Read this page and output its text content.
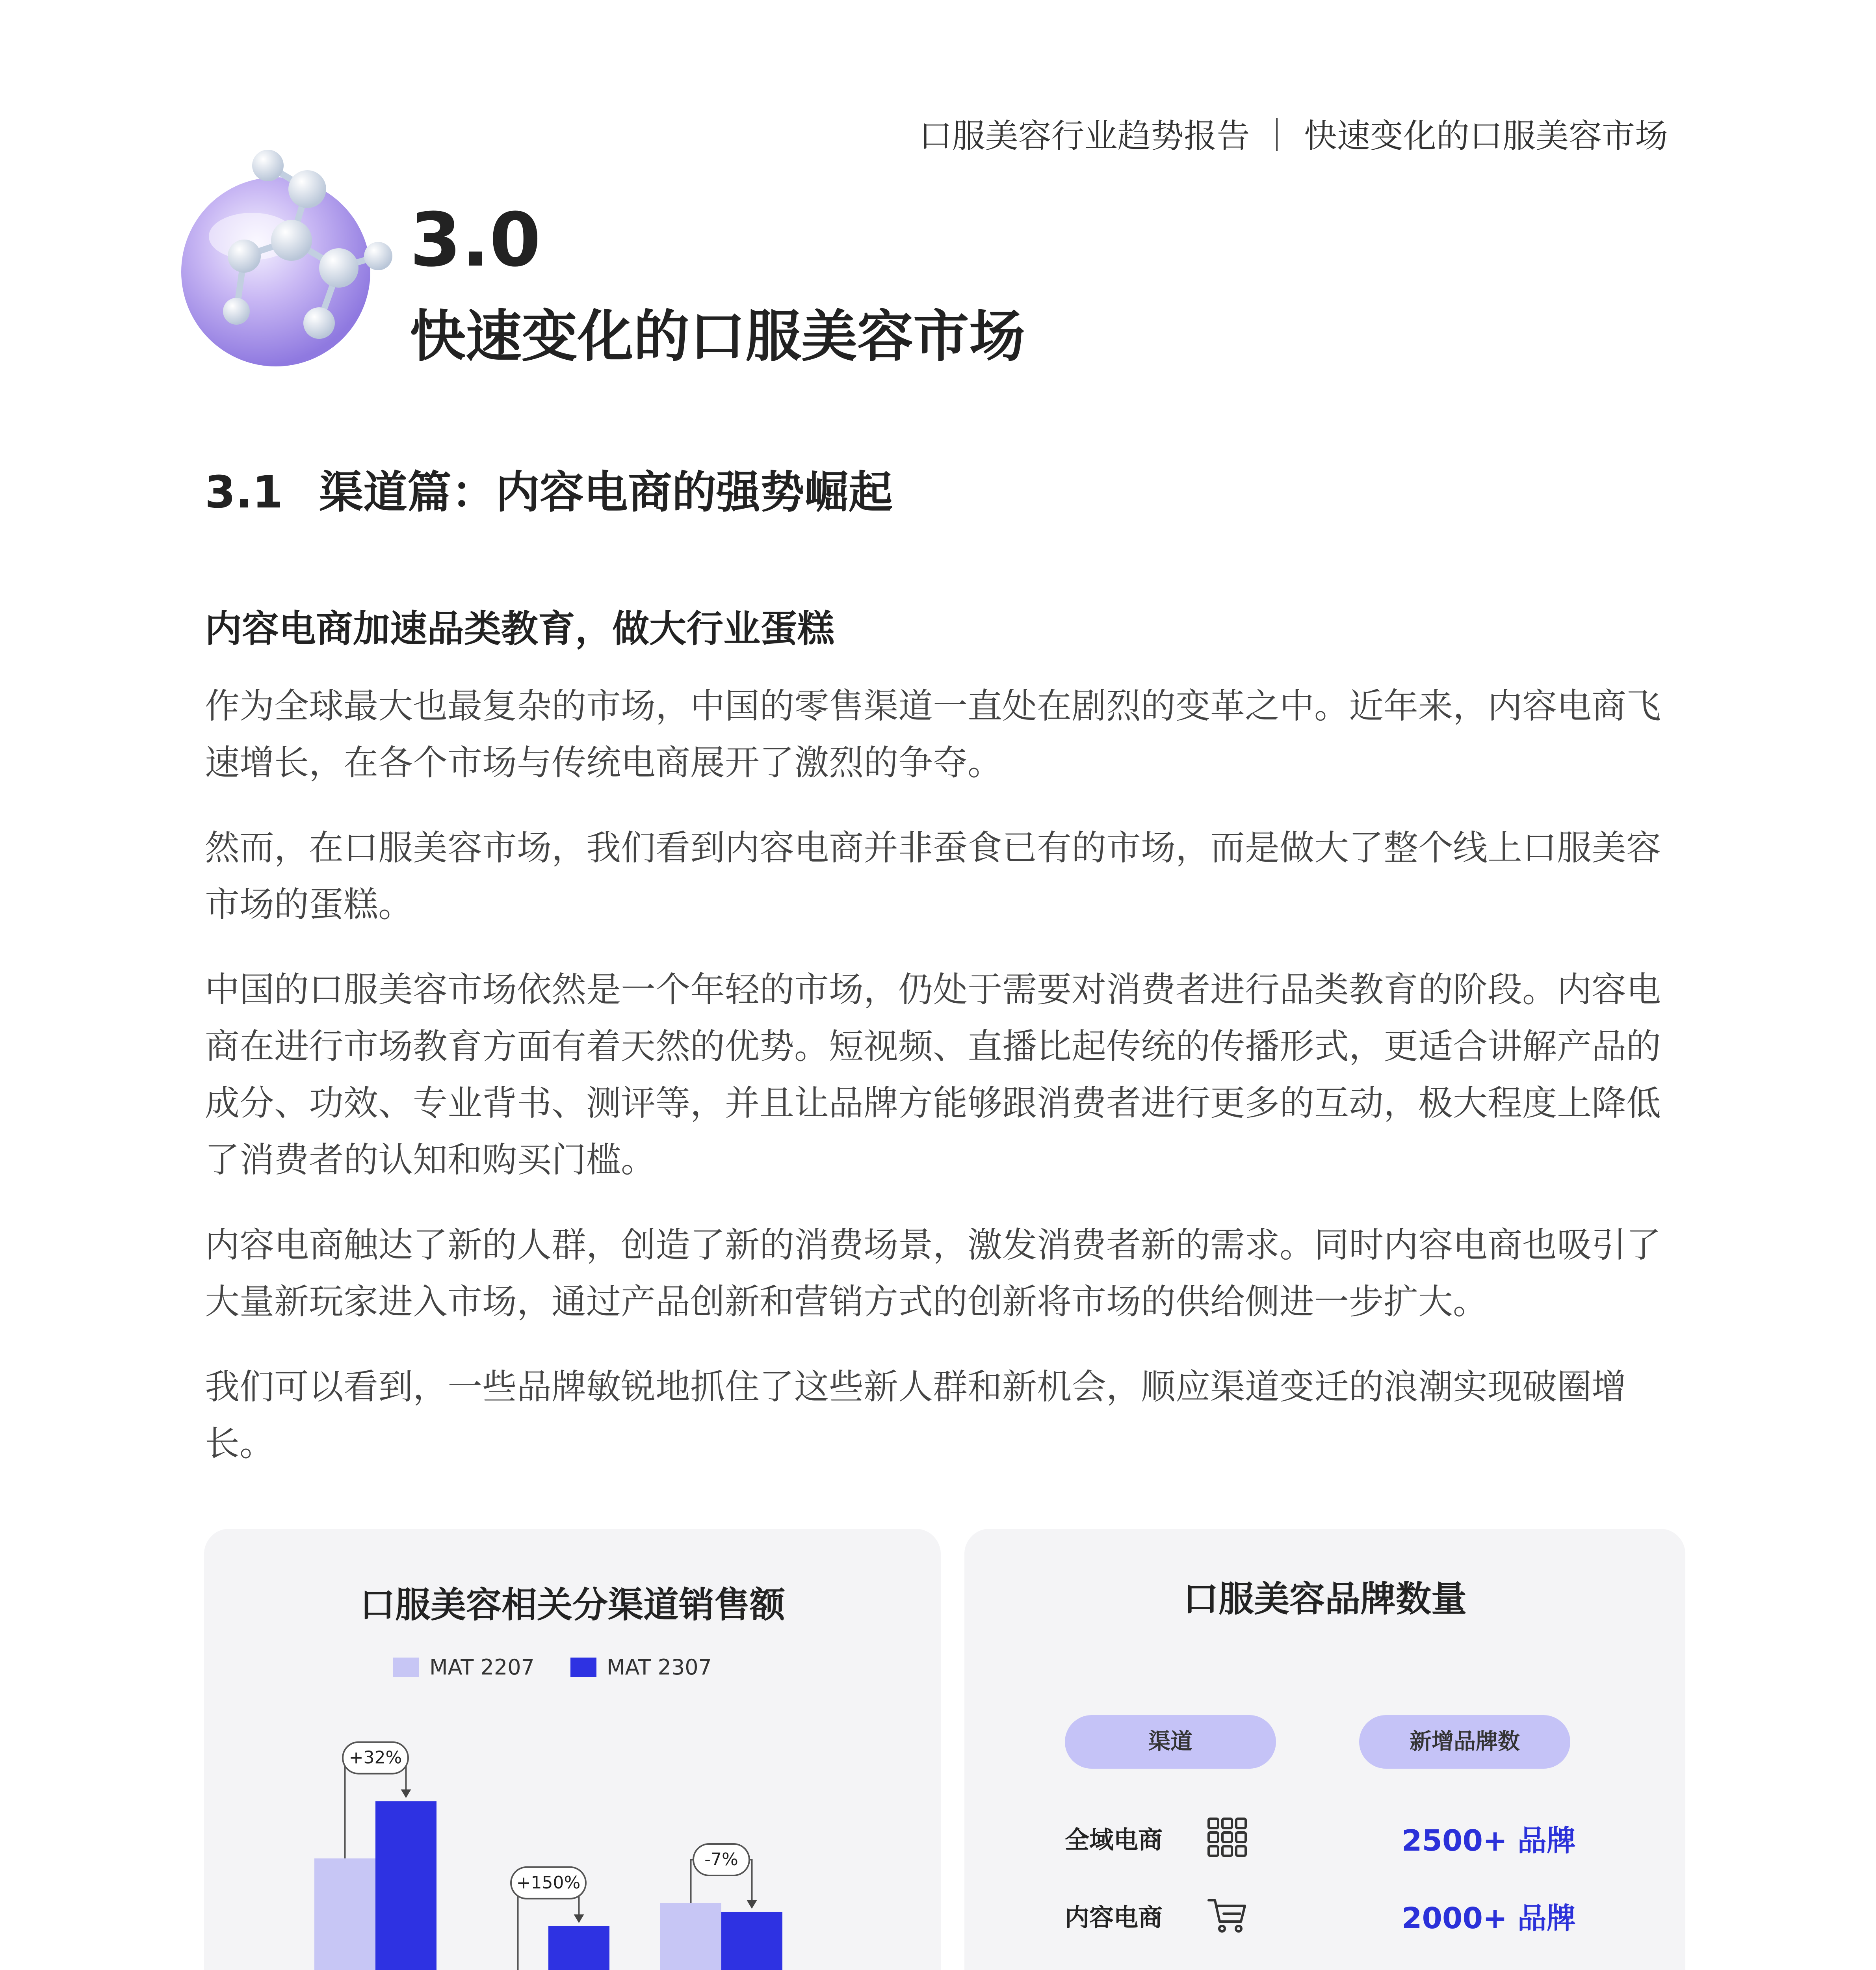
口服美容行业趋势报告 ｜ 快速变化的口服美容市场
3.0
快速变化的口服美容市场
3.1 渠道篇：内容电商的强势崛起
内容电商加速品类教育，做大行业蛋糕

作为全球最大也最复杂的市场，中国的零售渠道一直处在剧烈的变革之中。近年来，内容电商飞速增长，在各个市场与传统电商展开了激烈的争夺。

然而，在口服美容市场，我们看到内容电商并非蚕食已有的市场，而是做大了整个线上口服美容市场的蛋糕。

中国的口服美容市场依然是一个年轻的市场，仍处于需要对消费者进行品类教育的阶段。内容电商在进行市场教育方面有着天然的优势。短视频、直播比起传统的传播形式，更适合讲解产品的成分、功效、专业背书、测评等，并且让品牌方能够跟消费者进行更多的互动，极大程度上降低了消费者的认知和购买门槛。

内容电商触达了新的人群，创造了新的消费场景，激发消费者新的需求。同时内容电商也吸引了大量新玩家进入市场，通过产品创新和营销方式的创新将市场的供给侧进一步扩大。

我们可以看到，一些品牌敏锐地抓住了这些新人群和新机会，顺应渠道变迁的浪潮实现破圈增长。

口服美容相关分渠道销售额
MAT 2207	MAT 2307
+32%
+150%
-7%
口服美容品牌数量
渠道	新增品牌数
全域电商	2500+ 品牌
内容电商	2000+ 品牌
